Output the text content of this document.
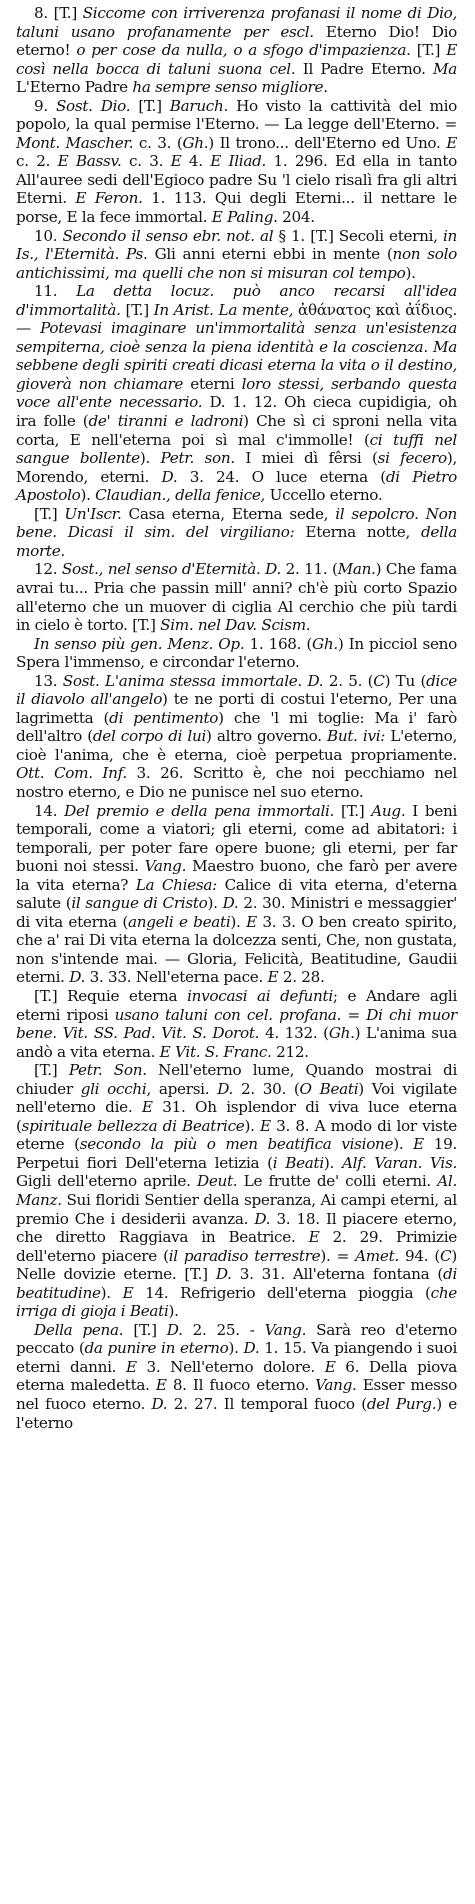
8. [T.] Siccome con irriverenza profanasi il nome di Dio, taluni usano profanamente per escl. Eterno Dio! Dio eterno! o per cose da nulla, o a sfogo d'impazienza. [T.] E così nella bocca di taluni suona cel. Il Padre Eterno. Ma L'Eterno Padre ha sempre senso migliore.

9. Sost. Dio. [T.] Baruch. Ho visto la cattività del mio popolo, la qual permise l'Eterno. — La legge dell'Eterno. = Mont. Mascher. c. 3. (Gh.) Il trono... dell'Eterno ed Uno. E c. 2. E Bassv. c. 3. E 4. E Iliad. 1. 296. Ed ella in tanto All'auree sedi dell'Egioco padre Su 'l cielo risalì fra gli altri Eterni. E Feron. 1. 113. Qui degli Eterni... il nettare le porse, E la fece immortal. E Paling. 204.

10. Secondo il senso ebr. not. al § 1. [T.] Secoli eterni, in Is., l'Eternità. Ps. Gli anni eterni ebbi in mente (non solo antichissimi, ma quelli che non si misuran col tempo).

11. La detta locuz. può anco recarsi all'idea d'immortalità. [T.] In Arist. La mente, ἀθάνατος καὶ ἀΐδιος. — Potevasi imaginare un'immortalità senza un'esistenza sempiterna, cioè senza la piena identità e la coscienza. Ma sebbene degli spiriti creati dicasi eterna la vita o il destino, gioverà non chiamare eterni loro stessi, serbando questa voce all'ente necessario. D. 1. 12. Oh cieca cupidigia, oh ira folle (de' tiranni e ladroni) Che sì ci sproni nella vita corta, E nell'eterna poi sì mal c'immolle! (ci tuffi nel sangue bollente). Petr. son. I miei dì fêrsi (si fecero), Morendo, eterni. D. 3. 24. O luce eterna (di Pietro Apostolo). Claudian., della fenice, Uccello eterno.

[T.] Un'Iscr. Casa eterna, Eterna sede, il sepolcro. Non bene. Dicasi il sim. del virgiliano: Eterna notte, della morte.

12. Sost., nel senso d'Eternità. D. 2. 11. (Man.) Che fama avrai tu... Pria che passin mill' anni? ch'è più corto Spazio all'eterno che un muover di ciglia Al cerchio che più tardi in cielo è torto. [T.] Sim. nel Dav. Scism.

In senso più gen. Menz. Op. 1. 168. (Gh.) In picciol seno Spera l'immenso, e circondar l'eterno.

13. Sost. L'anima stessa immortale. D. 2. 5. (C) Tu (dice il diavolo all'angelo) te ne porti di costui l'eterno, Per una lagrimetta (di pentimento) che 'l mi toglie: Ma i' farò dell'altro (del corpo di lui) altro governo. But. ivi: L'eterno, cioè l'anima, che è eterna, cioè perpetua propriamente. Ott. Com. Inf. 3. 26. Scritto è, che noi pecchiamo nel nostro eterno, e Dio ne punisce nel suo eterno.

14. Del premio e della pena immortali. [T.] Aug. I beni temporali, come a viatori; gli eterni, come ad abitatori: i temporali, per poter fare opere buone; gli eterni, per far buoni noi stessi. Vang. Maestro buono, che farò per avere la vita eterna? La Chiesa: Calice di vita eterna, d'eterna salute (il sangue di Cristo). D. 2. 30. Ministri e messaggier' di vita eterna (angeli e beati). E 3. 3. O ben creato spirito, che a' rai Di vita eterna la dolcezza senti, Che, non gustata, non s'intende mai. — Gloria, Felicità, Beatitudine, Gaudii eterni. D. 3. 33. Nell'eterna pace. E 2. 28.

[T.] Requie eterna invocasi ai defunti; e Andare agli eterni riposi usano taluni con cel. profana. = Di chi muor bene. Vit. SS. Pad. Vit. S. Dorot. 4. 132. (Gh.) L'anima sua andò a vita eterna. E Vit. S. Franc. 212.

[T.] Petr. Son. Nell'eterno lume, Quando mostrai di chiuder gli occhi, apersi. D. 2. 30. (O Beati) Voi vigilate nell'eterno die. E 31. Oh isplendor di viva luce eterna (spirituale bellezza di Beatrice). E 3. 8. A modo di lor viste eterne (secondo la più o men beatifica visione). E 19. Perpetui fiori Dell'eterna letizia (i Beati). Alf. Varan. Vis. Gigli dell'eterno aprile. Deut. Le frutte de' colli eterni. Al. Manz. Sui floridi Sentier della speranza, Ai campi eterni, al premio Che i desiderii avanza. D. 3. 18. Il piacere eterno, che diretto Raggiava in Beatrice. E 2. 29. Primizie dell'eterno piacere (il paradiso terrestre). = Amet. 94. (C) Nelle dovizie eterne. [T.] D. 3. 31. All'eterna fontana (di beatitudine). E 14. Refrigerio dell'eterna pioggia (che irriga di gioja i Beati).

Della pena. [T.] D. 2. 25. - Vang. Sarà reo d'eterno peccato (da punire in eterno). D. 1. 15. Va piangendo i suoi eterni danni. E 3. Nell'eterno dolore. E 6. Della piova eterna maledetta. E 8. Il fuoco eterno. Vang. Esser messo nel fuoco eterno. D. 2. 27. Il temporal fuoco (del Purg.) e l'eterno
